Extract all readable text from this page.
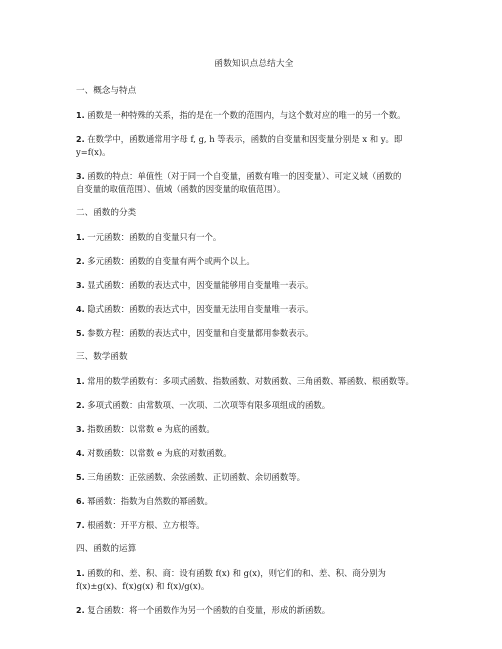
函数知识点总结大全
一、概念与特点
1. 函数是一种特殊的关系，指的是在一个数的范围内，与这个数对应的唯一的另一个数。
2. 在数学中，函数通常用字母 f, g, h 等表示，函数的自变量和因变量分别是 x 和 y。即
y=f(x)。
3. 函数的特点：单值性（对于同一个自变量，函数有唯一的因变量）、可定义域（函数的
自变量的取值范围）、值域（函数的因变量的取值范围）。
二、函数的分类
1. 一元函数：函数的自变量只有一个。
2. 多元函数：函数的自变量有两个或两个以上。
3. 显式函数：函数的表达式中，因变量能够用自变量唯一表示。
4. 隐式函数：函数的表达式中，因变量无法用自变量唯一表示。
5. 参数方程：函数的表达式中，因变量和自变量都用参数表示。
三、数学函数
1. 常用的数学函数有：多项式函数、指数函数、对数函数、三角函数、幂函数、根函数等。
2. 多项式函数：由常数项、一次项、二次项等有限多项组成的函数。
3. 指数函数：以常数 e 为底的函数。
4. 对数函数：以常数 e 为底的对数函数。
5. 三角函数：正弦函数、余弦函数、正切函数、余切函数等。
6. 幂函数：指数为自然数的幂函数。
7. 根函数：开平方根、立方根等。
四、函数的运算
1. 函数的和、差、积、商：设有函数 f(x) 和 g(x)，则它们的和、差、积、商分别为
f(x)±g(x)、f(x)g(x) 和 f(x)/g(x)。
2. 复合函数：将一个函数作为另一个函数的自变量，形成的新函数。
